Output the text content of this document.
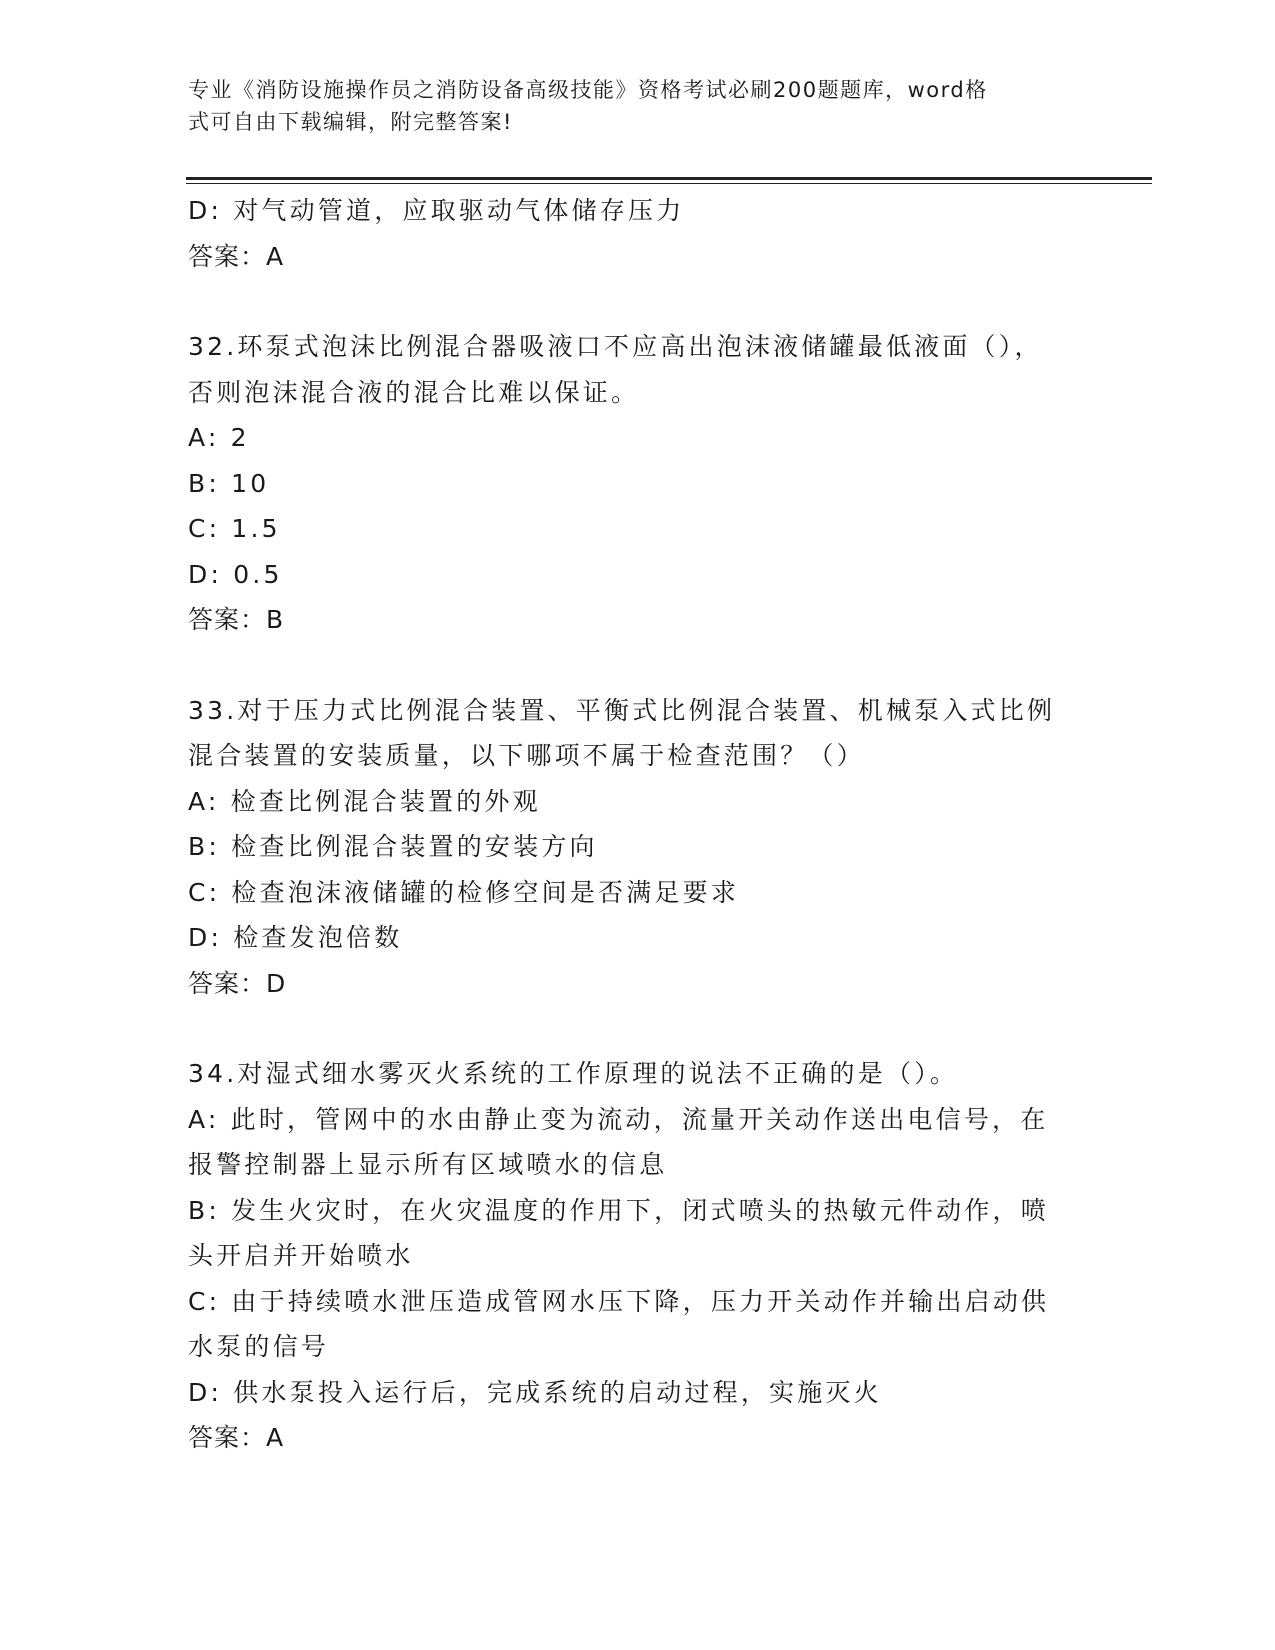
专业《消防设施操作员之消防设备高级技能》资格考试必刷200题题库，word格
式可自由下载编辑，附完整答案!
D: 对气动管道，应取驱动气体储存压力
答案：A
32.环泵式泡沫比例混合器吸液口不应高出泡沫液储罐最低液面（），
否则泡沫混合液的混合比难以保证。
A: 2
B: 10
C: 1.5
D: 0.5
答案：B
33.对于压力式比例混合装置、平衡式比例混合装置、机械泵入式比例
混合装置的安装质量，以下哪项不属于检查范围？（）
A: 检查比例混合装置的外观
B: 检查比例混合装置的安装方向
C: 检查泡沫液储罐的检修空间是否满足要求
D: 检查发泡倍数
答案：D
34.对湿式细水雾灭火系统的工作原理的说法不正确的是（）。
A: 此时，管网中的水由静止变为流动，流量开关动作送出电信号，在
报警控制器上显示所有区域喷水的信息
B: 发生火灾时，在火灾温度的作用下，闭式喷头的热敏元件动作，喷
头开启并开始喷水
C: 由于持续喷水泄压造成管网水压下降，压力开关动作并输出启动供
水泵的信号
D: 供水泵投入运行后，完成系统的启动过程，实施灭火
答案：A
